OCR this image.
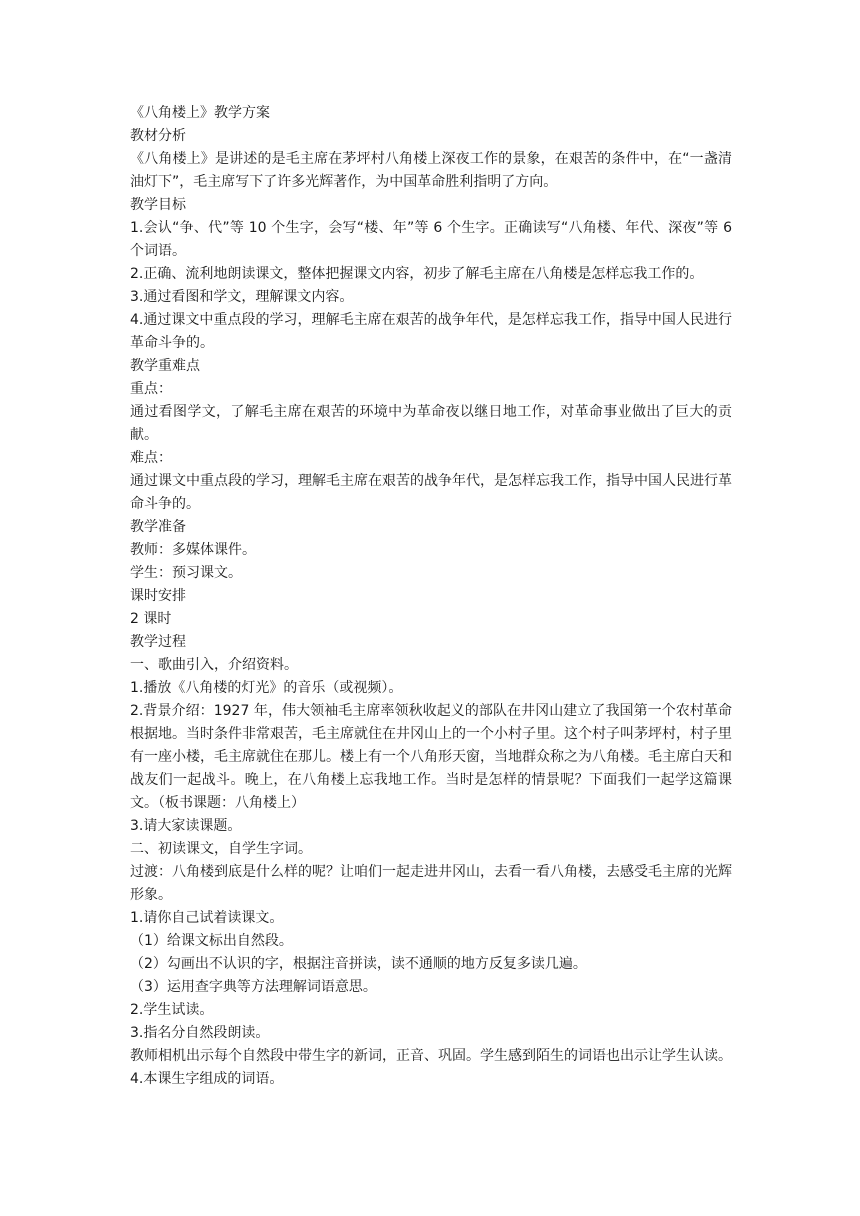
《八角楼上》教学方案

教材分析

《八角楼上》是讲述的是毛主席在茅坪村八角楼上深夜工作的景象，在艰苦的条件中，在“一盏清油灯下”，毛主席写下了许多光辉著作，为中国革命胜利指明了方向。

教学目标

1.会认“争、代”等 10 个生字，会写“楼、年”等 6 个生字。正确读写“八角楼、年代、深夜”等 6 个词语。

2.正确、流利地朗读课文，整体把握课文内容，初步了解毛主席在八角楼是怎样忘我工作的。

3.通过看图和学文，理解课文内容。

4.通过课文中重点段的学习，理解毛主席在艰苦的战争年代，是怎样忘我工作，指导中国人民进行革命斗争的。

教学重难点

重点：

通过看图学文，了解毛主席在艰苦的环境中为革命夜以继日地工作，对革命事业做出了巨大的贡献。

难点：

通过课文中重点段的学习，理解毛主席在艰苦的战争年代，是怎样忘我工作，指导中国人民进行革命斗争的。

教学准备

教师：多媒体课件。

学生：预习课文。

课时安排

2 课时

教学过程

一、歌曲引入，介绍资料。

1.播放《八角楼的灯光》的音乐（或视频）。

2.背景介绍：1927 年，伟大领袖毛主席率领秋收起义的部队在井冈山建立了我国第一个农村革命根据地。当时条件非常艰苦，毛主席就住在井冈山上的一个小村子里。这个村子叫茅坪村，村子里有一座小楼，毛主席就住在那儿。楼上有一个八角形天窗，当地群众称之为八角楼。毛主席白天和战友们一起战斗。晚上，在八角楼上忘我地工作。当时是怎样的情景呢？下面我们一起学这篇课文。（板书课题：八角楼上）

3.请大家读课题。

二、初读课文，自学生字词。

过渡：八角楼到底是什么样的呢？让咱们一起走进井冈山，去看一看八角楼，去感受毛主席的光辉形象。

1.请你自己试着读课文。

（1）给课文标出自然段。

（2）勾画出不认识的字，根据注音拼读，读不通顺的地方反复多读几遍。

（3）运用查字典等方法理解词语意思。

2.学生试读。

3.指名分自然段朗读。

教师相机出示每个自然段中带生字的新词，正音、巩固。学生感到陌生的词语也出示让学生认读。

4.本课生字组成的词语。
